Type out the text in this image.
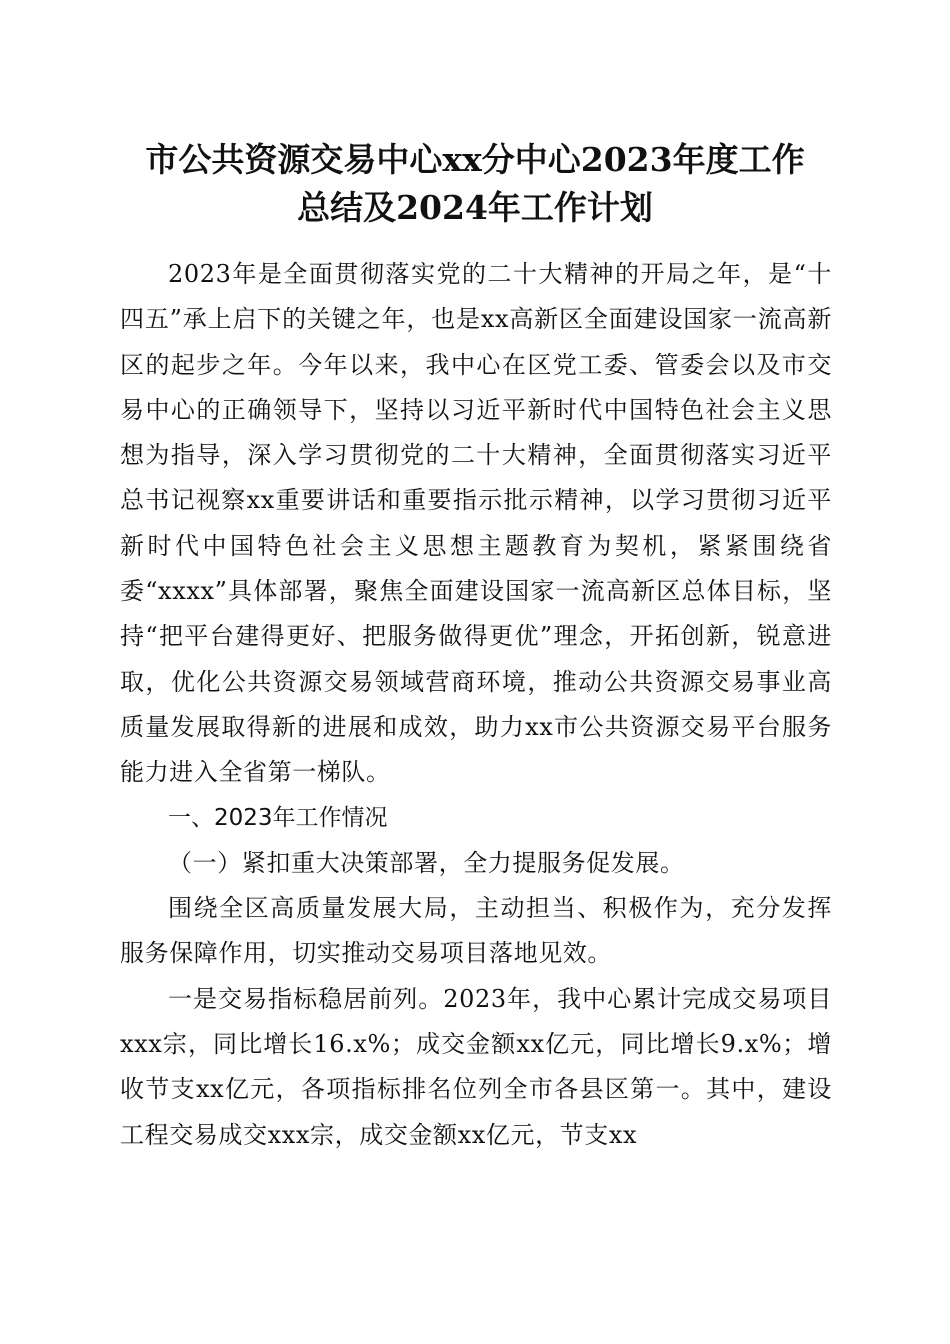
市公共资源交易中心xx分中心2023年度工作
总结及2024年工作计划

2023年是全面贯彻落实党的二十大精神的开局之年，是“十四五”承上启下的关键之年，也是xx高新区全面建设国家一流高新区的起步之年。今年以来，我中心在区党工委、管委会以及市交易中心的正确领导下，坚持以习近平新时代中国特色社会主义思想为指导，深入学习贯彻党的二十大精神，全面贯彻落实习近平总书记视察xx重要讲话和重要指示批示精神，以学习贯彻习近平新时代中国特色社会主义思想主题教育为契机，紧紧围绕省委“xxxx”具体部署，聚焦全面建设国家一流高新区总体目标，坚持“把平台建得更好、把服务做得更优”理念，开拓创新，锐意进取，优化公共资源交易领域营商环境，推动公共资源交易事业高质量发展取得新的进展和成效，助力xx市公共资源交易平台服务能力进入全省第一梯队。

一、2023年工作情况
（一）紧扣重大决策部署，全力提服务促发展。

围绕全区高质量发展大局，主动担当、积极作为，充分发挥服务保障作用，切实推动交易项目落地见效。

一是交易指标稳居前列。2023年，我中心累计完成交易项目xxx宗，同比增长16.x%；成交金额xx亿元，同比增长9.x%；增收节支xx亿元，各项指标排名位列全市各县区第一。其中，建设工程交易成交xxx宗，成交金额xx亿元，节支xx
